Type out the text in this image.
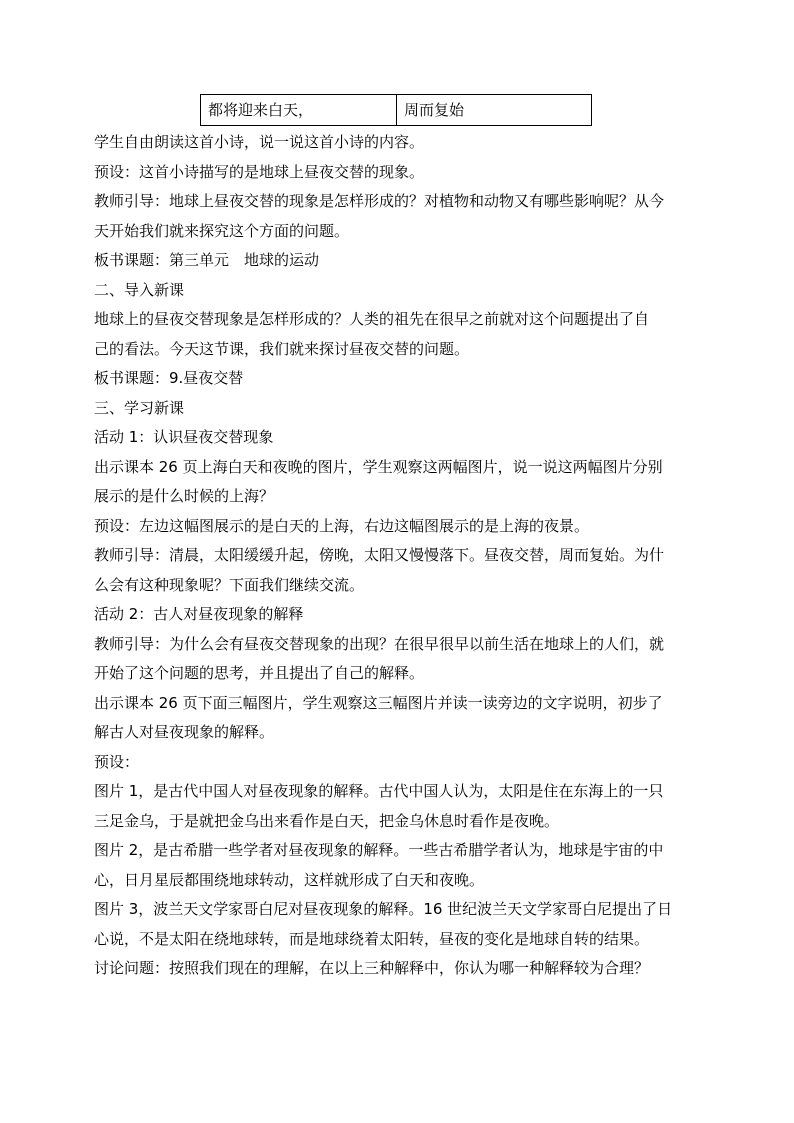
都将迎来白天，	周而复始

学生自由朗读这首小诗，说一说这首小诗的内容。

预设：这首小诗描写的是地球上昼夜交替的现象。

教师引导：地球上昼夜交替的现象是怎样形成的？对植物和动物又有哪些影响呢？从今

天开始我们就来探究这个方面的问题。

板书课题：第三单元　地球的运动

二、导入新课

地球上的昼夜交替现象是怎样形成的？人类的祖先在很早之前就对这个问题提出了自

己的看法。今天这节课，我们就来探讨昼夜交替的问题。

板书课题：9.昼夜交替

三、学习新课

活动 1：认识昼夜交替现象

出示课本 26 页上海白天和夜晚的图片，学生观察这两幅图片，说一说这两幅图片分别

展示的是什么时候的上海？

预设：左边这幅图展示的是白天的上海，右边这幅图展示的是上海的夜景。

教师引导：清晨，太阳缓缓升起，傍晚，太阳又慢慢落下。昼夜交替，周而复始。为什

么会有这种现象呢？下面我们继续交流。

活动 2：古人对昼夜现象的解释

教师引导：为什么会有昼夜交替现象的出现？在很早很早以前生活在地球上的人们，就

开始了这个问题的思考，并且提出了自己的解释。

出示课本 26 页下面三幅图片，学生观察这三幅图片并读一读旁边的文字说明，初步了

解古人对昼夜现象的解释。

预设：

图片 1，是古代中国人对昼夜现象的解释。古代中国人认为，太阳是住在东海上的一只

三足金乌，于是就把金乌出来看作是白天，把金乌休息时看作是夜晚。

图片 2，是古希腊一些学者对昼夜现象的解释。一些古希腊学者认为，地球是宇宙的中

心，日月星辰都围绕地球转动，这样就形成了白天和夜晚。

图片 3，波兰天文学家哥白尼对昼夜现象的解释。16 世纪波兰天文学家哥白尼提出了日

心说，不是太阳在绕地球转，而是地球绕着太阳转，昼夜的变化是地球自转的结果。

讨论问题：按照我们现在的理解，在以上三种解释中，你认为哪一种解释较为合理？
